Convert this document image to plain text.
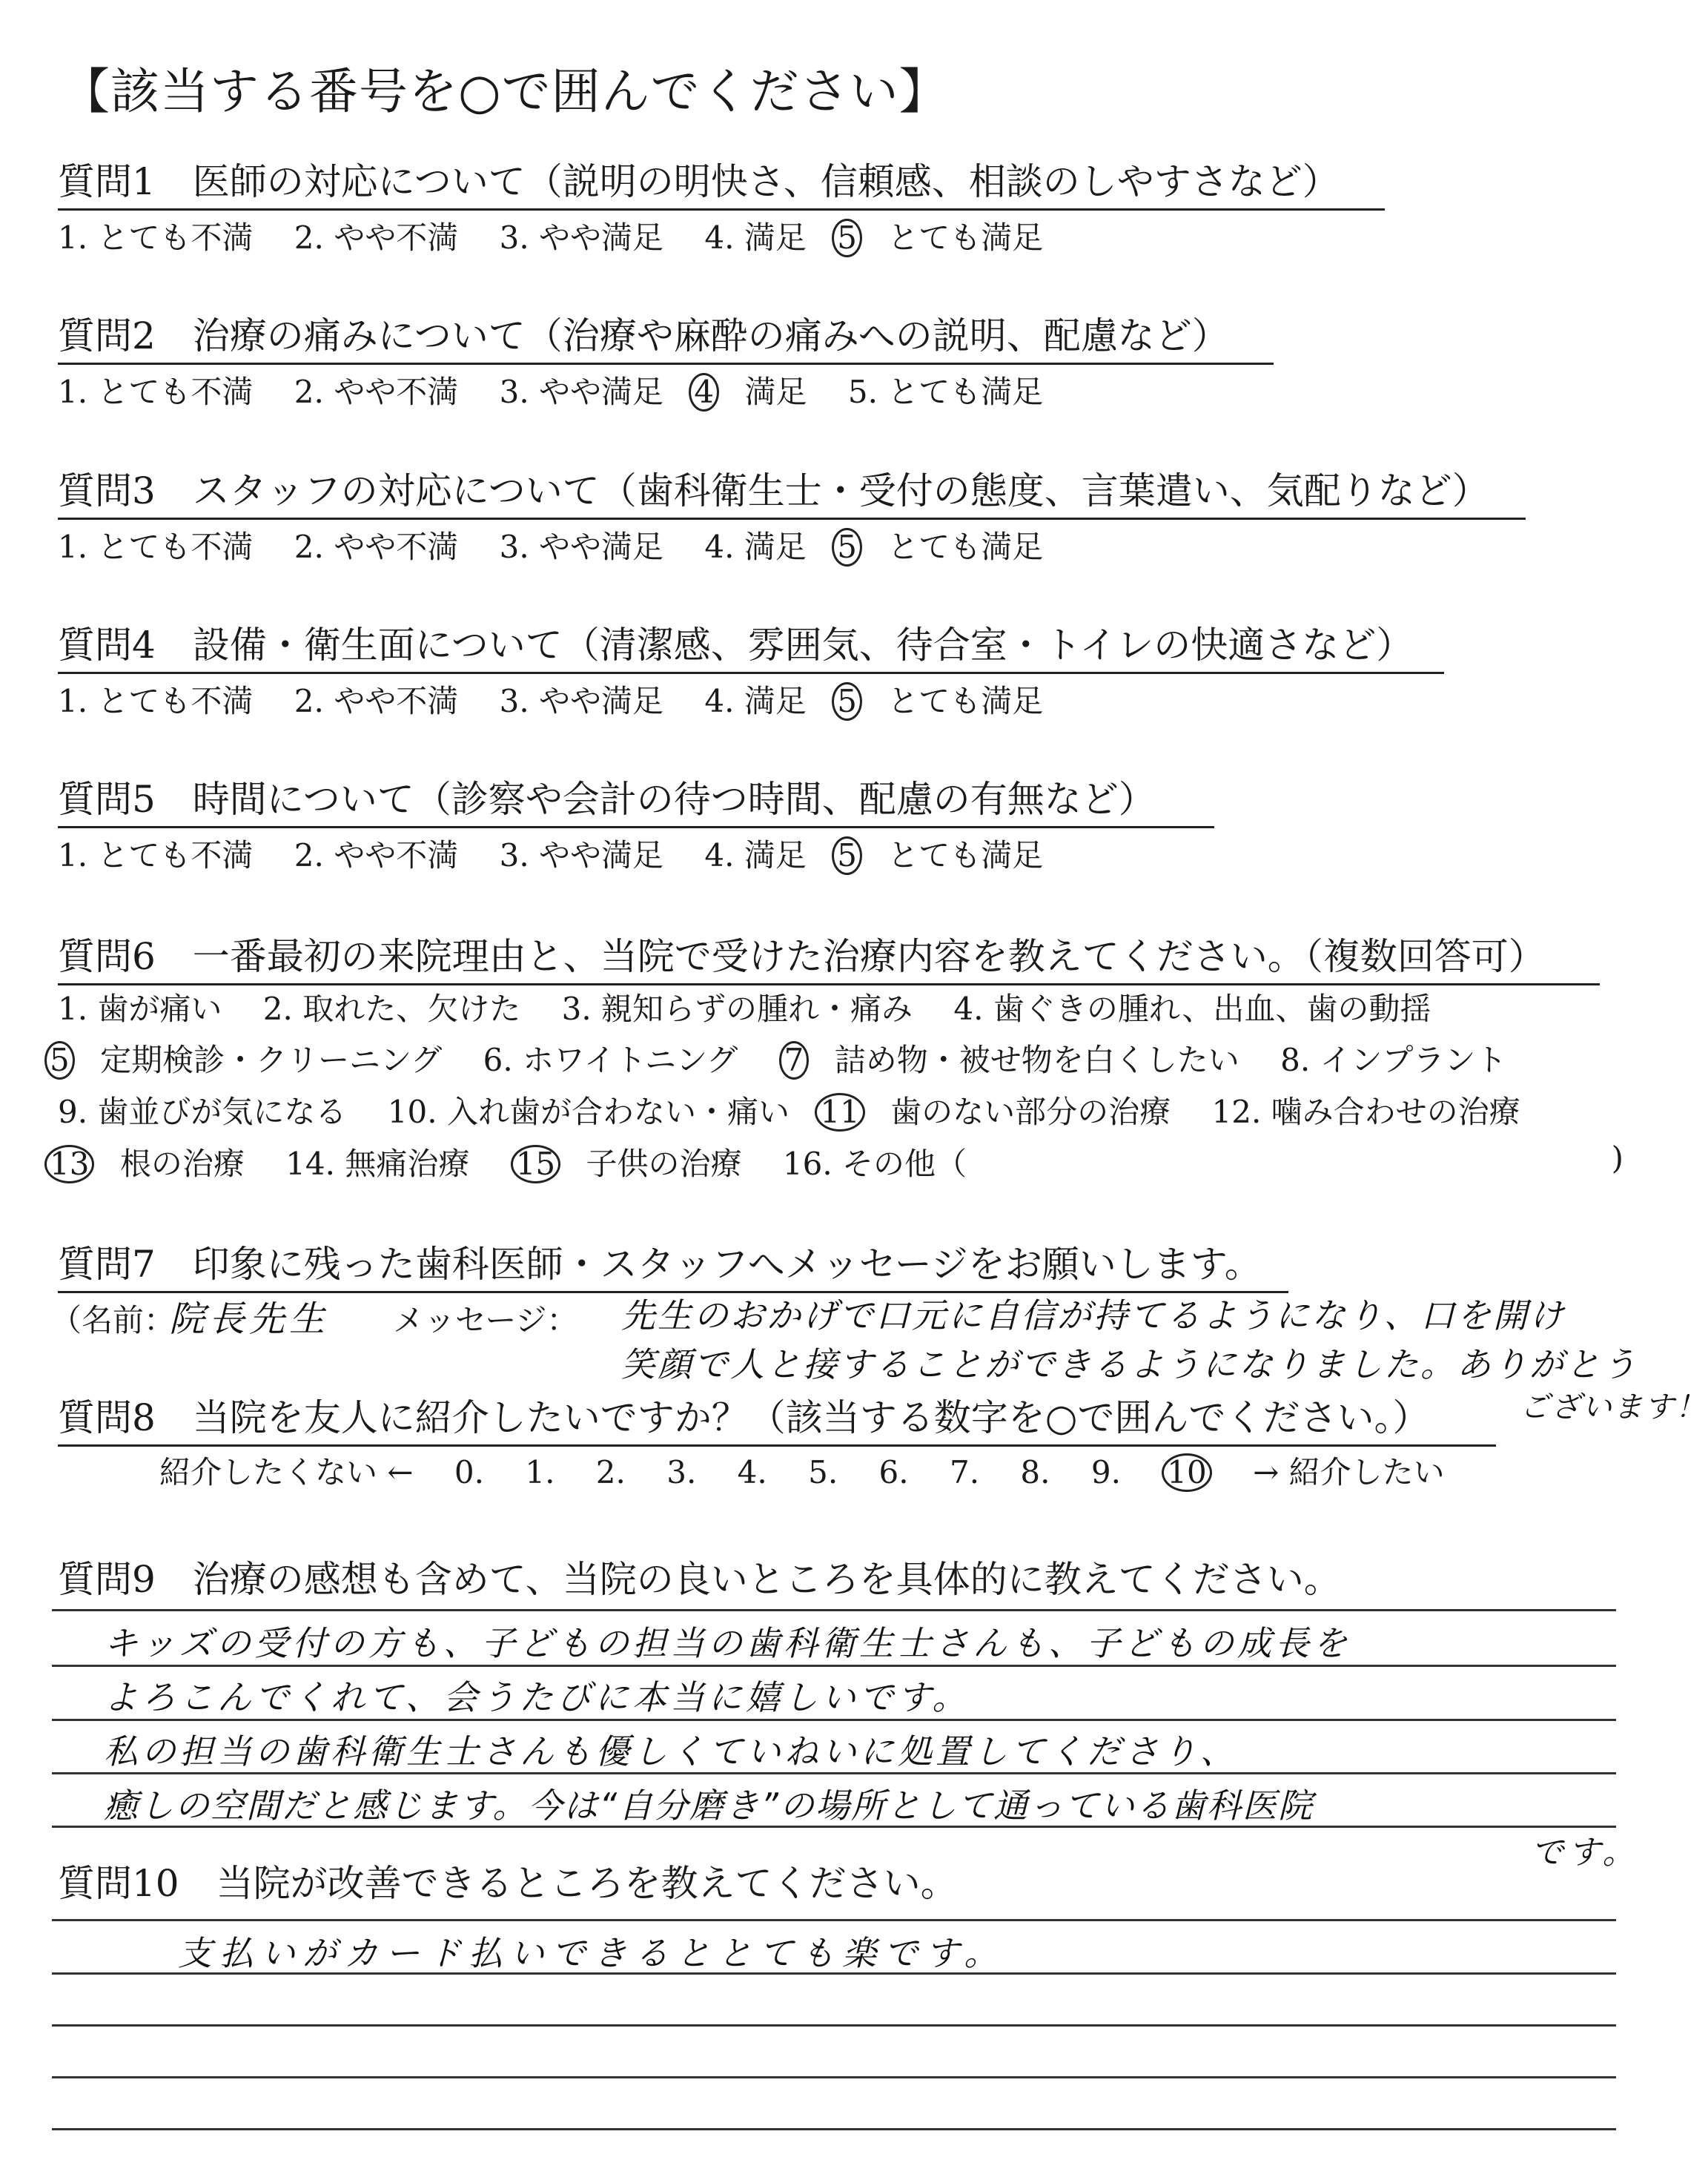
【該当する番号を○で囲んでください】
質問1　医師の対応について（説明の明快さ、信頼感、相談のしやすさなど）
1. とても不満  2. やや不満  3. やや満足  4. 満足  5  とても満足
質問2　治療の痛みについて（治療や麻酔の痛みへの説明、配慮など）
1. とても不満  2. やや不満  3. やや満足  4  満足  5. とても満足
質問3　スタッフの対応について（歯科衛生士・受付の態度、言葉遣い、気配りなど）
1. とても不満  2. やや不満  3. やや満足  4. 満足  5  とても満足
質問4　設備・衛生面について（清潔感、雰囲気、待合室・トイレの快適さなど）
1. とても不満  2. やや不満  3. やや満足  4. 満足  5  とても満足
質問5　時間について（診察や会計の待つ時間、配慮の有無など）
1. とても不満  2. やや不満  3. やや満足  4. 満足  5  とても満足
質問6　一番最初の来院理由と、当院で受けた治療内容を教えてください。（複数回答可）
1. 歯が痛い  2. 取れた、欠けた  3. 親知らずの腫れ・痛み  4. 歯ぐきの腫れ、出血、歯の動揺
5  定期検診・クリーニング  6. ホワイトニング  7  詰め物・被せ物を白くしたい  8. インプラント
9. 歯並びが気になる  10. 入れ歯が合わない・痛い  11  歯のない部分の治療  12. 噛み合わせの治療
13  根の治療  14. 無痛治療  15  子供の治療  16. その他（	)
質問7　印象に残った歯科医師・スタッフへメッセージをお願いします。
（名前：
院長先生 メッセージ： 先生のおかげで口元に自信が持てるようになり、口を開け
笑顔で人と接することができるようになりました。ありがとう
ございます！
質問8　当院を友人に紹介したいですか？（該当する数字を○で囲んでください。）
紹介したくない ←  0.  1.  2.  3.  4.  5.  6.  7.  8.  9.  10  → 紹介したい
質問9　治療の感想も含めて、当院の良いところを具体的に教えてください。
キッズの受付の方も、子どもの担当の歯科衛生士さんも、子どもの成長を
よろこんでくれて、会うたびに本当に嬉しいです。
私の担当の歯科衛生士さんも優しくていねいに処置してくださり、
癒しの空間だと感じます。今は“自分磨き”の場所として通っている歯科医院
です。
質問10　当院が改善できるところを教えてください。
支払いがカード払いできるととても楽です。
